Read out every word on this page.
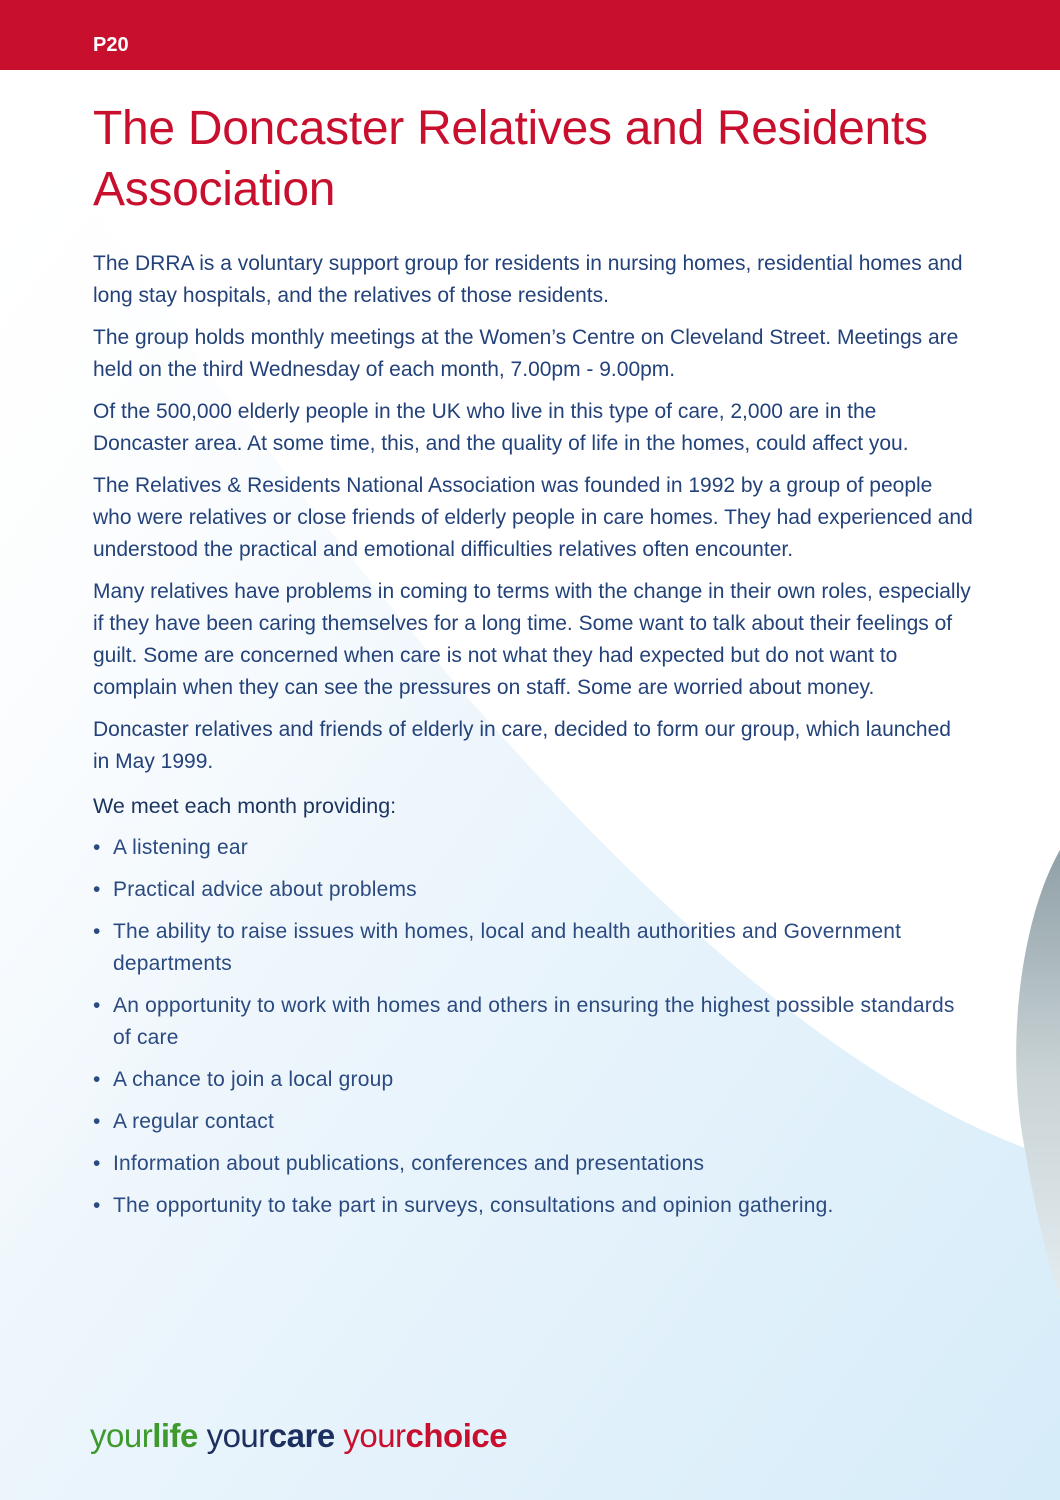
P20
The Doncaster Relatives and Residents Association

The DRRA is a voluntary support group for residents in nursing homes, residential homes and long stay hospitals, and the relatives of those residents.

The group holds monthly meetings at the Women’s Centre on Cleveland Street. Meetings are held on the third Wednesday of each month, 7.00pm - 9.00pm.

Of the 500,000 elderly people in the UK who live in this type of care, 2,000 are in the Doncaster area. At some time, this, and the quality of life in the homes, could affect you.

The Relatives & Residents National Association was founded in 1992 by a group of people who were relatives or close friends of elderly people in care homes. They had experienced and understood the practical and emotional difficulties relatives often encounter.

Many relatives have problems in coming to terms with the change in their own roles, especially if they have been caring themselves for a long time. Some want to talk about their feelings of guilt. Some are concerned when care is not what they had expected but do not want to complain when they can see the pressures on staff. Some are worried about money.

Doncaster relatives and friends of elderly in care, decided to form our group, which launched in May 1999.

We meet each month providing:

• A listening ear
• Practical advice about problems
• The ability to raise issues with homes, local and health authorities and Government departments
• An opportunity to work with homes and others in ensuring the highest possible standards of care
• A chance to join a local group
• A regular contact
• Information about publications, conferences and presentations
• The opportunity to take part in surveys, consultations and opinion gathering.
yourlife yourcare yourchoice
